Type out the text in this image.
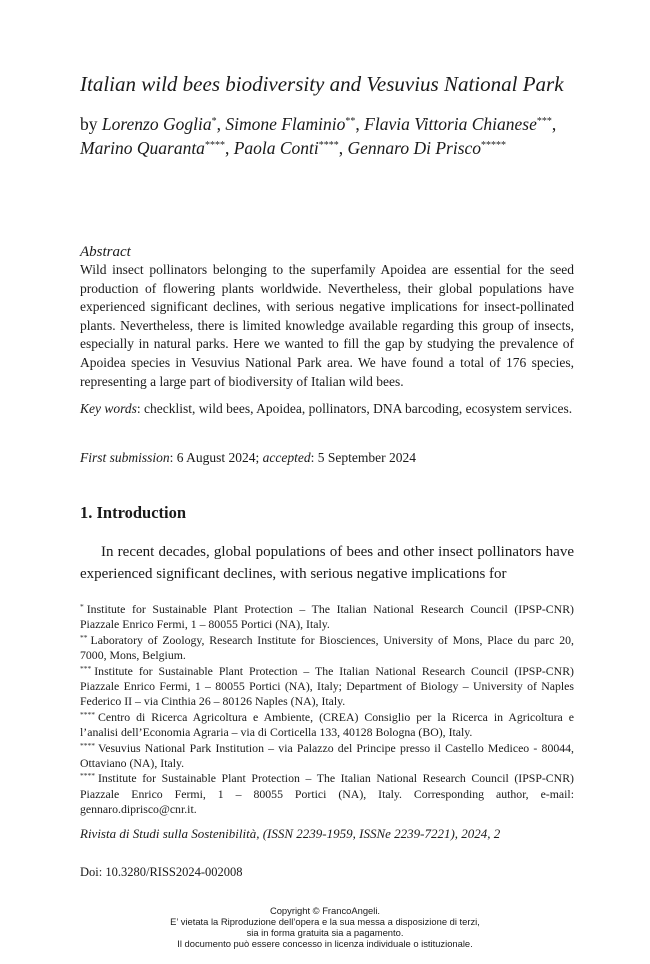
Italian wild bees biodiversity and Vesuvius National Park
by Lorenzo Goglia*, Simone Flaminio**, Flavia Vittoria Chianese***,
Marino Quaranta****, Paola Conti****, Gennaro Di Prisco*****
Abstract
Wild insect pollinators belonging to the superfamily Apoidea are essential for the seed production of flowering plants worldwide. Nevertheless, their global populations have experienced significant declines, with serious negative implications for insect-pollinated plants. Nevertheless, there is limited knowledge available regarding this group of insects, especially in natural parks. Here we wanted to fill the gap by studying the prevalence of Apoidea species in Vesuvius National Park area. We have found a total of 176 species, representing a large part of biodiversity of Italian wild bees.
Key words: checklist, wild bees, Apoidea, pollinators, DNA barcoding, ecosystem services.
First submission: 6 August 2024; accepted: 5 September 2024
1. Introduction
In recent decades, global populations of bees and other insect pollinators have experienced significant declines, with serious negative implications for
* Institute for Sustainable Plant Protection – The Italian National Research Council (IPSP-CNR) Piazzale Enrico Fermi, 1 – 80055 Portici (NA), Italy.
** Laboratory of Zoology, Research Institute for Biosciences, University of Mons, Place du parc 20, 7000, Mons, Belgium.
*** Institute for Sustainable Plant Protection – The Italian National Research Council (IPSP-CNR) Piazzale Enrico Fermi, 1 – 80055 Portici (NA), Italy; Department of Biology – University of Naples Federico II – via Cinthia 26 – 80126 Naples (NA), Italy.
**** Centro di Ricerca Agricoltura e Ambiente, (CREA) Consiglio per la Ricerca in Agricoltura e l’analisi dell’Economia Agraria – via di Corticella 133, 40128 Bologna (BO), Italy.
**** Vesuvius National Park Institution – via Palazzo del Principe presso il Castello Mediceo - 80044, Ottaviano (NA), Italy.
**** Institute for Sustainable Plant Protection – The Italian National Research Council (IPSP-CNR) Piazzale Enrico Fermi, 1 – 80055 Portici (NA), Italy. Corresponding author, e-mail: gennaro.diprisco@cnr.it.
Rivista di Studi sulla Sostenibilità, (ISSN 2239-1959, ISSNe 2239-7221), 2024, 2
Doi: 10.3280/RISS2024-002008
Copyright © FrancoAngeli.
E’ vietata la Riproduzione dell’opera e la sua messa a disposizione di terzi,
sia in forma gratuita sia a pagamento.
Il documento può essere concesso in licenza individuale o istituzionale.
